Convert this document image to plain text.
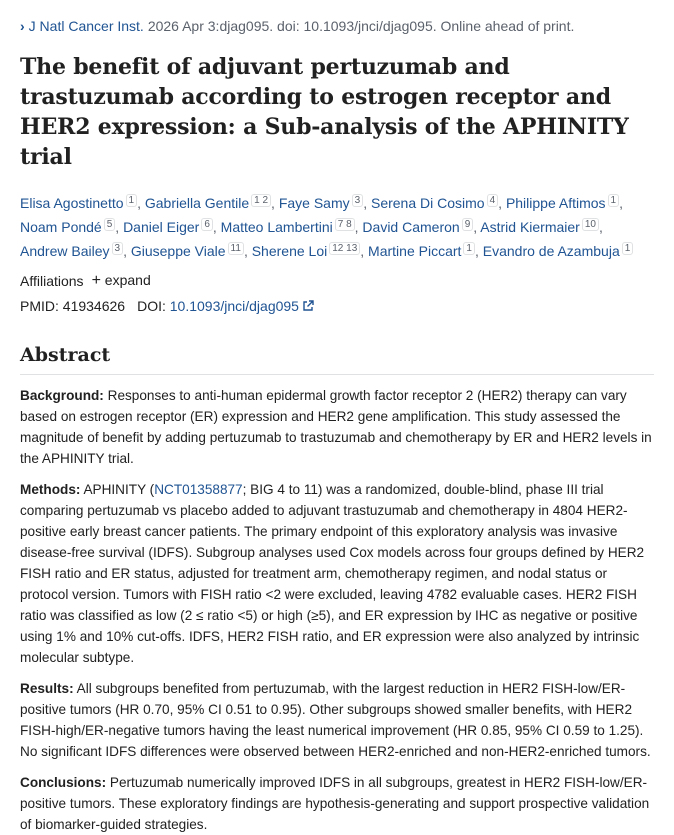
› J Natl Cancer Inst. 2026 Apr 3:djag095. doi: 10.1093/jnci/djag095. Online ahead of print.
The benefit of adjuvant pertuzumab and trastuzumab according to estrogen receptor and HER2 expression: a Sub-analysis of the APHINITY trial
Elisa Agostinetto $^1$ , Gabriella Gentile $^{1 2}$ , Faye Samy $^3$ , Serena Di Cosimo $^4$ , Philippe Aftimos $^1$ , Noam Pondé $^5$ , Daniel Eiger $^6$ , Matteo Lambertini $^{7 8}$ , David Cameron $^9$ , Astrid Kiermaier $^{10}$ , Andrew Bailey $^3$ , Giuseppe Viale $^{11}$ , Sherene Loi $^{12 13}$ , Martine Piccart $^1$ , Evandro de Azambuja $^1$
Affiliations + expand
PMID: 41934626 DOI: 10.1093/jnci/djag095
Abstract

Background: Responses to anti-human epidermal growth factor receptor 2 (HER2) therapy can vary based on estrogen receptor (ER) expression and HER2 gene amplification. This study assessed the magnitude of benefit by adding pertuzumab to trastuzumab and chemotherapy by ER and HER2 levels in the APHINITY trial.

Methods: APHINITY (NCT01358877; BIG 4 to 11) was a randomized, double-blind, phase III trial comparing pertuzumab vs placebo added to adjuvant trastuzumab and chemotherapy in 4804 HER2-positive early breast cancer patients. The primary endpoint of this exploratory analysis was invasive disease-free survival (IDFS). Subgroup analyses used Cox models across four groups defined by HER2 FISH ratio and ER status, adjusted for treatment arm, chemotherapy regimen, and nodal status or protocol version. Tumors with FISH ratio <2 were excluded, leaving 4782 evaluable cases. HER2 FISH ratio was classified as low (2 ≤ ratio <5) or high (≥5), and ER expression by IHC as negative or positive using 1% and 10% cut-offs. IDFS, HER2 FISH ratio, and ER expression were also analyzed by intrinsic molecular subtype.

Results: All subgroups benefited from pertuzumab, with the largest reduction in HER2 FISH-low/ER-positive tumors (HR 0.70, 95% CI 0.51 to 0.95). Other subgroups showed smaller benefits, with HER2 FISH-high/ER-negative tumors having the least numerical improvement (HR 0.85, 95% CI 0.59 to 1.25). No significant IDFS differences were observed between HER2-enriched and non-HER2-enriched tumors.

Conclusions: Pertuzumab numerically improved IDFS in all subgroups, greatest in HER2 FISH-low/ER-positive tumors. These exploratory findings are hypothesis-generating and support prospective validation of biomarker-guided strategies.
